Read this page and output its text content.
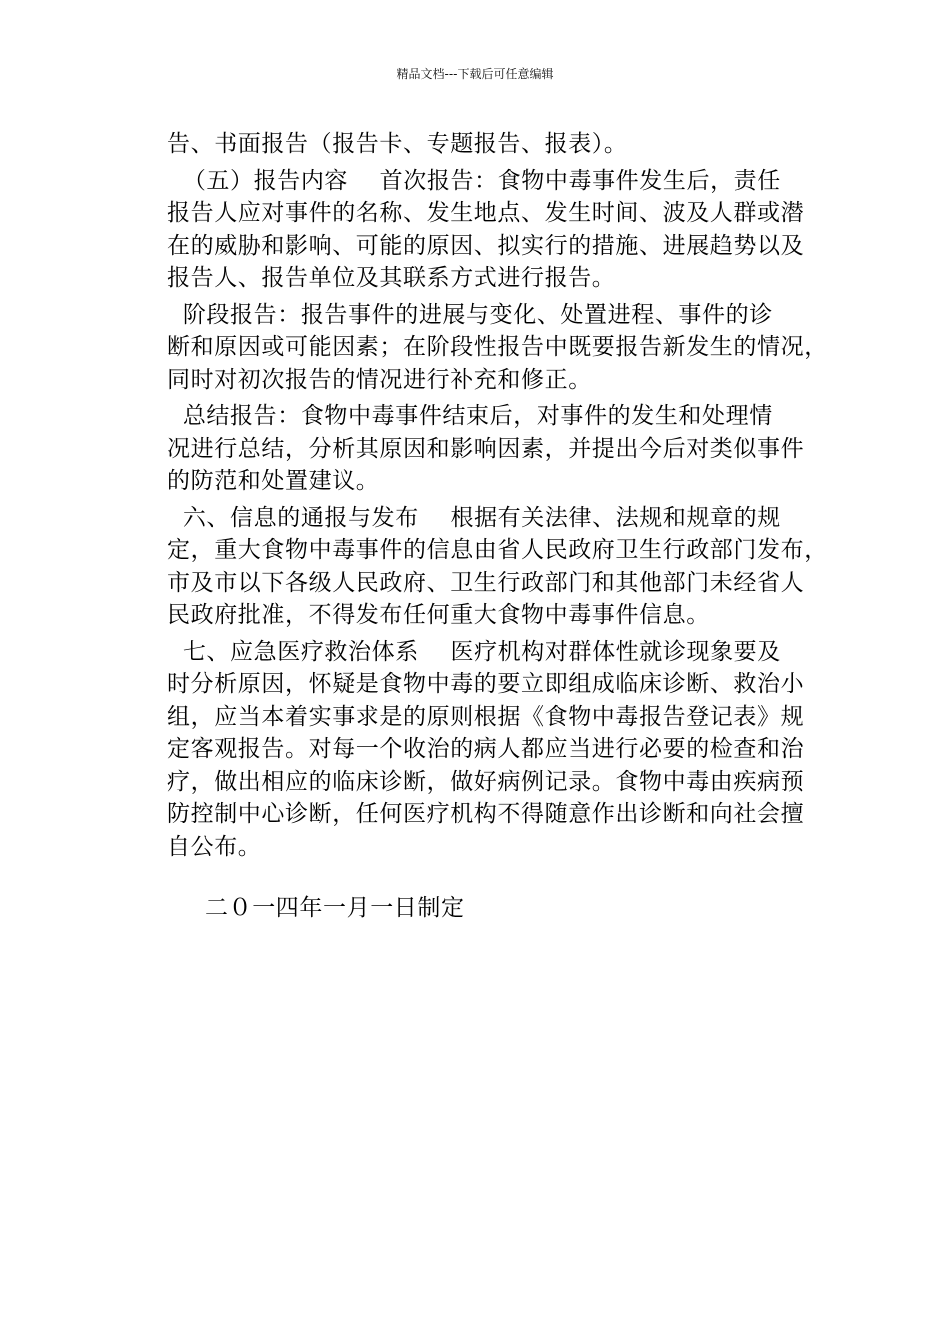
精品文档---下载后可任意编辑
告、书面报告（报告卡、专题报告、报表）。
（五）报告内容    首次报告：食物中毒事件发生后，责任
报告人应对事件的名称、发生地点、发生时间、波及人群或潜
在的威胁和影响、可能的原因、拟实行的措施、进展趋势以及
报告人、报告单位及其联系方式进行报告。
阶段报告：报告事件的进展与变化、处置进程、事件的诊
断和原因或可能因素；在阶段性报告中既要报告新发生的情况，
同时对初次报告的情况进行补充和修正。
总结报告：食物中毒事件结束后，对事件的发生和处理情
况进行总结，分析其原因和影响因素，并提出今后对类似事件
的防范和处置建议。
六、信息的通报与发布    根据有关法律、法规和规章的规
定，重大食物中毒事件的信息由省人民政府卫生行政部门发布，
市及市以下各级人民政府、卫生行政部门和其他部门未经省人
民政府批准，不得发布任何重大食物中毒事件信息。
七、应急医疗救治体系    医疗机构对群体性就诊现象要及
时分析原因，怀疑是食物中毒的要立即组成临床诊断、救治小
组，应当本着实事求是的原则根据《食物中毒报告登记表》规
定客观报告。对每一个收治的病人都应当进行必要的检查和治
疗，做出相应的临床诊断，做好病例记录。食物中毒由疾病预
防控制中心诊断，任何医疗机构不得随意作出诊断和向社会擅
自公布。
二０一四年一月一日制定
